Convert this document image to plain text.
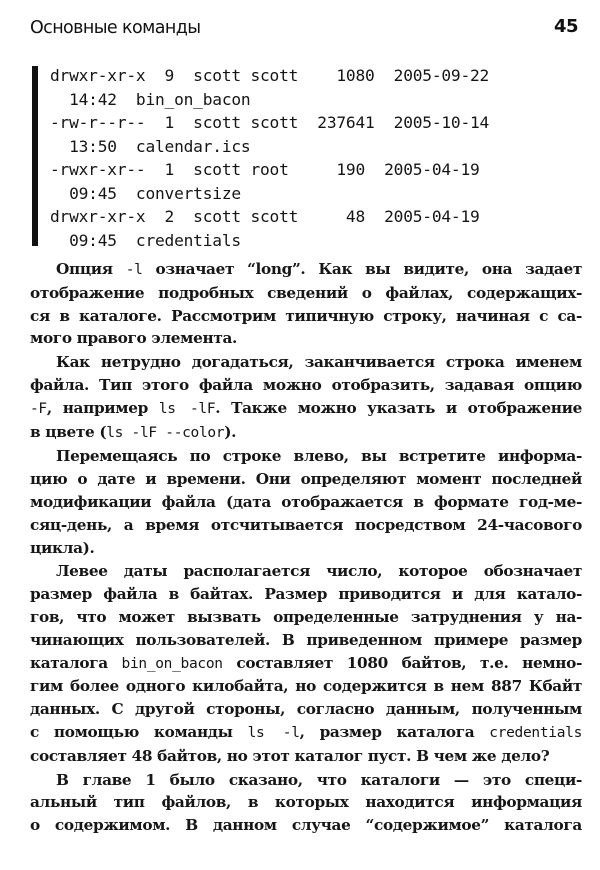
Основные команды	45
drwxr-xr-x  9  scott scott    1080  2005-09-22
14:42  bin_on_bacon
-rw-r--r--  1  scott scott  237641  2005-10-14
13:50  calendar.ics
-rwxr-xr--  1  scott root     190  2005-04-19
09:45  convertsize
drwxr-xr-x  2  scott scott     48  2005-04-19
09:45  credentials

Опция -l означает “long”. Как вы видите, она задает
отображение подробных сведений о файлах, содержащих-
ся в каталоге. Рассмотрим типичную строку, начиная с са-
мого правого элемента.

Как нетрудно догадаться, заканчивается строка именем
файла. Тип этого файла можно отобразить, задавая опцию
-F, например ls -lF. Также можно указать и отображение
в цвете (ls -lF --color).

Перемещаясь по строке влево, вы встретите информа-
цию о дате и времени. Они определяют момент последней
модификации файла (дата отображается в формате год-ме-
сяц-день, а время отсчитывается посредством 24-часового
цикла).

Левее даты располагается число, которое обозначает
размер файла в байтах. Размер приводится и для катало-
гов, что может вызвать определенные затруднения у на-
чинающих пользователей. В приведенном примере размер
каталога bin_on_bacon составляет 1080 байтов, т.е. немно-
гим более одного килобайта, но содержится в нем 887 Кбайт
данных. С другой стороны, согласно данным, полученным
с помощью команды ls -l, размер каталога credentials
составляет 48 байтов, но этот каталог пуст. В чем же дело?

В главе 1 было сказано, что каталоги — это специ-
альный тип файлов, в которых находится информация
о содержимом. В данном случае “содержимое” каталога
